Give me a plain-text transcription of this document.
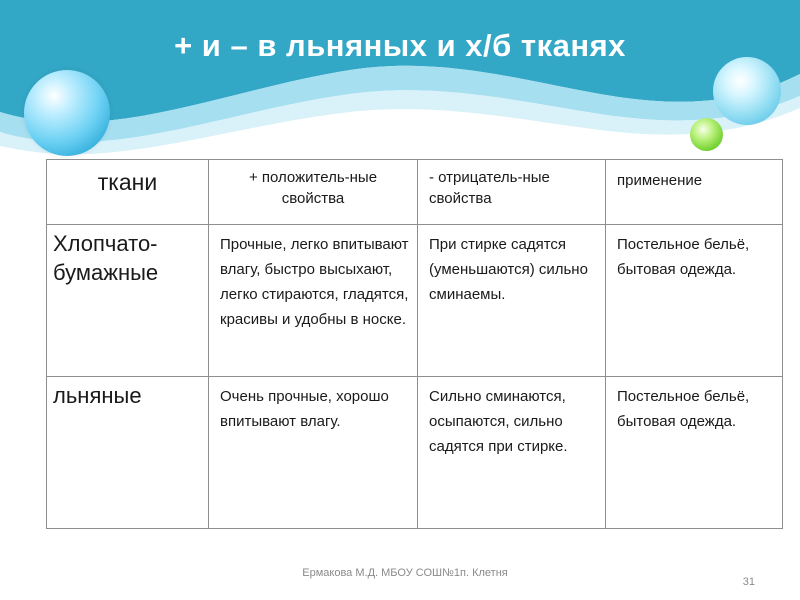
+ и – в льняных и х/б тканях
ткани	+ положитель-ные свойства	- отрицатель-ные свойства	применение
Хлопчато-бумажные	Прочные, легко впитывают влагу, быстро высыхают, легко стираются, гладятся, красивы и удобны в носке.	При стирке садятся (уменьшаются) сильно сминаемы.	Постельное бельё, бытовая одежда.
льняные	Очень прочные, хорошо впитывают влагу.	Сильно сминаются, осыпаются, сильно садятся при стирке.	Постельное бельё, бытовая одежда.
Ермакова М.Д. МБОУ СОШ№1п. Клетня
31
